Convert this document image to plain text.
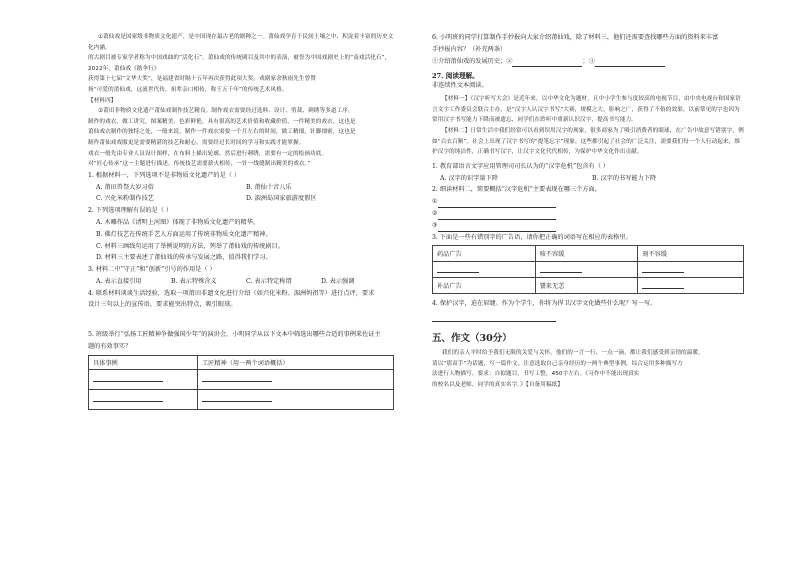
①莆仙戏是国家级非物质文化遗产，是中国现存最古老的剧种之一。莆仙戏孕育于民间土壤之中，积淀着丰富的历史文化内涵。

的古剧目被专家学者称为中国戏曲的“活化石”。莆仙戏的传统剧目及其中的表演，被誉为中国戏剧史上的“南戏活化石”，2022年，莆仙戏《踏伞行》

获得第十七届“文华大奖”，是福建省时隔十五年再次获得此项大奖。戏剧家余秋雨先生曾赞

扬“可爱的莆仙戏，远流世代传，祖辈亲口相传，称王五千年”的传统艺术风格。

【材料四】

②莆田非物质文化遗产莆仙戏制作技艺精良。制作戏衣需要经过选料、设计、剪裁、刺绣等多道工序，

制作的戏衣，做工讲究，图案精美，色彩鲜艳，具有很高的艺术价值和收藏价值，一件精美的戏衣，这也是

莆仙戏衣制作的独特之处，一般来说，制作一件戏衣需要一个月左右的时间，做工精细，针脚细密，这也是

制作莆仙戏戏服更是需要精湛的技艺和耐心，需要经过长时间的学习和实践才能掌握。

戏衣一般先由专业人员设计图样，在布料上描出轮廓，然后进行刺绣，需要有一定的绘画功底。

对“匠心传承”这一主题进行描述。传统技艺需要薪火相传，一针一线缝制出精美的戏衣。”

1. 根据材料一，下列选项不是非物质文化遗产的是（ ）

A. 莆田兽祭大岁习俗	B. 莆仙十音八乐
C. 兴化米粉制作技艺	D. 湄洲岛国家旅游度假区

2. 下列选项理解有误的是（ ）

A. 木雕作品《清明上河图》体现了非物质文化遗产的精华。

B. 佛灯技艺在传统手艺人方面运用了传统非物质文化遗产精神。

C. 材料三画线句运用了举例说明的方法，列举了莆仙戏的传统剧目。

D. 材料三主要表述了莆仙戏的传承与发展之路，值得我们学习。

3. 材料二中“守正”和“创新”引号的作用是（ ）

A. 表示直接引用	B. 表示特殊含义	C. 表示特定称谓	D. 表示强调

4. 联系材料谈谈生活经验，选取一项莆田非遗文化进行介绍（如兴化米粉、湄洲妈祖等）进行点评，要求

设计三句以上的宣传语，要求能突出特点，吸引眼球。

5. 班级举行“弘扬工匠精神争做强国少年”的演讲会，小明同学从以下文本中筛选出哪些合适的事例来佐证主

题的有效事实？

具体事例	工匠精神（用一两个词语概括）

6. 小明班的同学打算制作手抄报向大家介绍莆仙戏，除了材料三，他们还需要查找哪些方面的资料来丰富

手抄报内容？（补充两条）

①介绍莆仙戏的发展历史；②	；③

27. 阅读理解。

非连续性文本阅读。

【材料一】《汉字听写大会》是近年来，以中华文化为题材，且中小学生参与度较高的电视节目，由中央电视台和国家语言文字工作委员会联合主办，是“汉字人认汉字书写”大赛，规模之大，影响之广，获得了不俗的效果。以前常见的字也因为常用汉字书写能力下降而被遗忘，同学们在聆听中重新认识汉字，提高书写能力。

【材料二】日常生活中我们经常可以看到误用汉字的现象，很多商家为了吸引消费者的眼球，在广告中故意写错别字，例如“百衣百顺”。社会上出现了汉字书写的“提笔忘字”现象，这些都引起了社会的广泛关注，需要我们每一个人行动起来，维护汉字的纯洁性，正确书写汉字，让汉字文化代代相传，为保护中华文化作出贡献。

1. 教育部语言文字应用管理司司长认为的“汉字危机”包含有（ ）

A. 汉字的识字量下降	B. 汉字的书写能力下降

2. 细读材料二，简要概括“汉字危机”主要表现在哪三个方面。

①

②

③

3. 下面是一些有错别字的广告语，请你把正确的词语写在相应的表格里。

药品广告	咳不容缓	刻不容缓

补品广告	饕来无恙	

4. 保护汉字，迫在眉睫。作为个学生，你将为捍卫汉字文化做些什么呢？写一写。

五、作文（30分）

我们的亲人平时给予我们无限的关爱与关怀，他们的一言一行、一点一滴，都让我们感受到亲情的温暖。

请以“那双手”为话题，写一篇作文。注意选取自己亲身经历的一两个典型事例，综合运用多种描写方

法进行人物描写。要求：自拟题目，书写工整，450字左右。《习作中不能出现真实

的校名以及老师、同学的真实名字。》【自备用稿纸】
